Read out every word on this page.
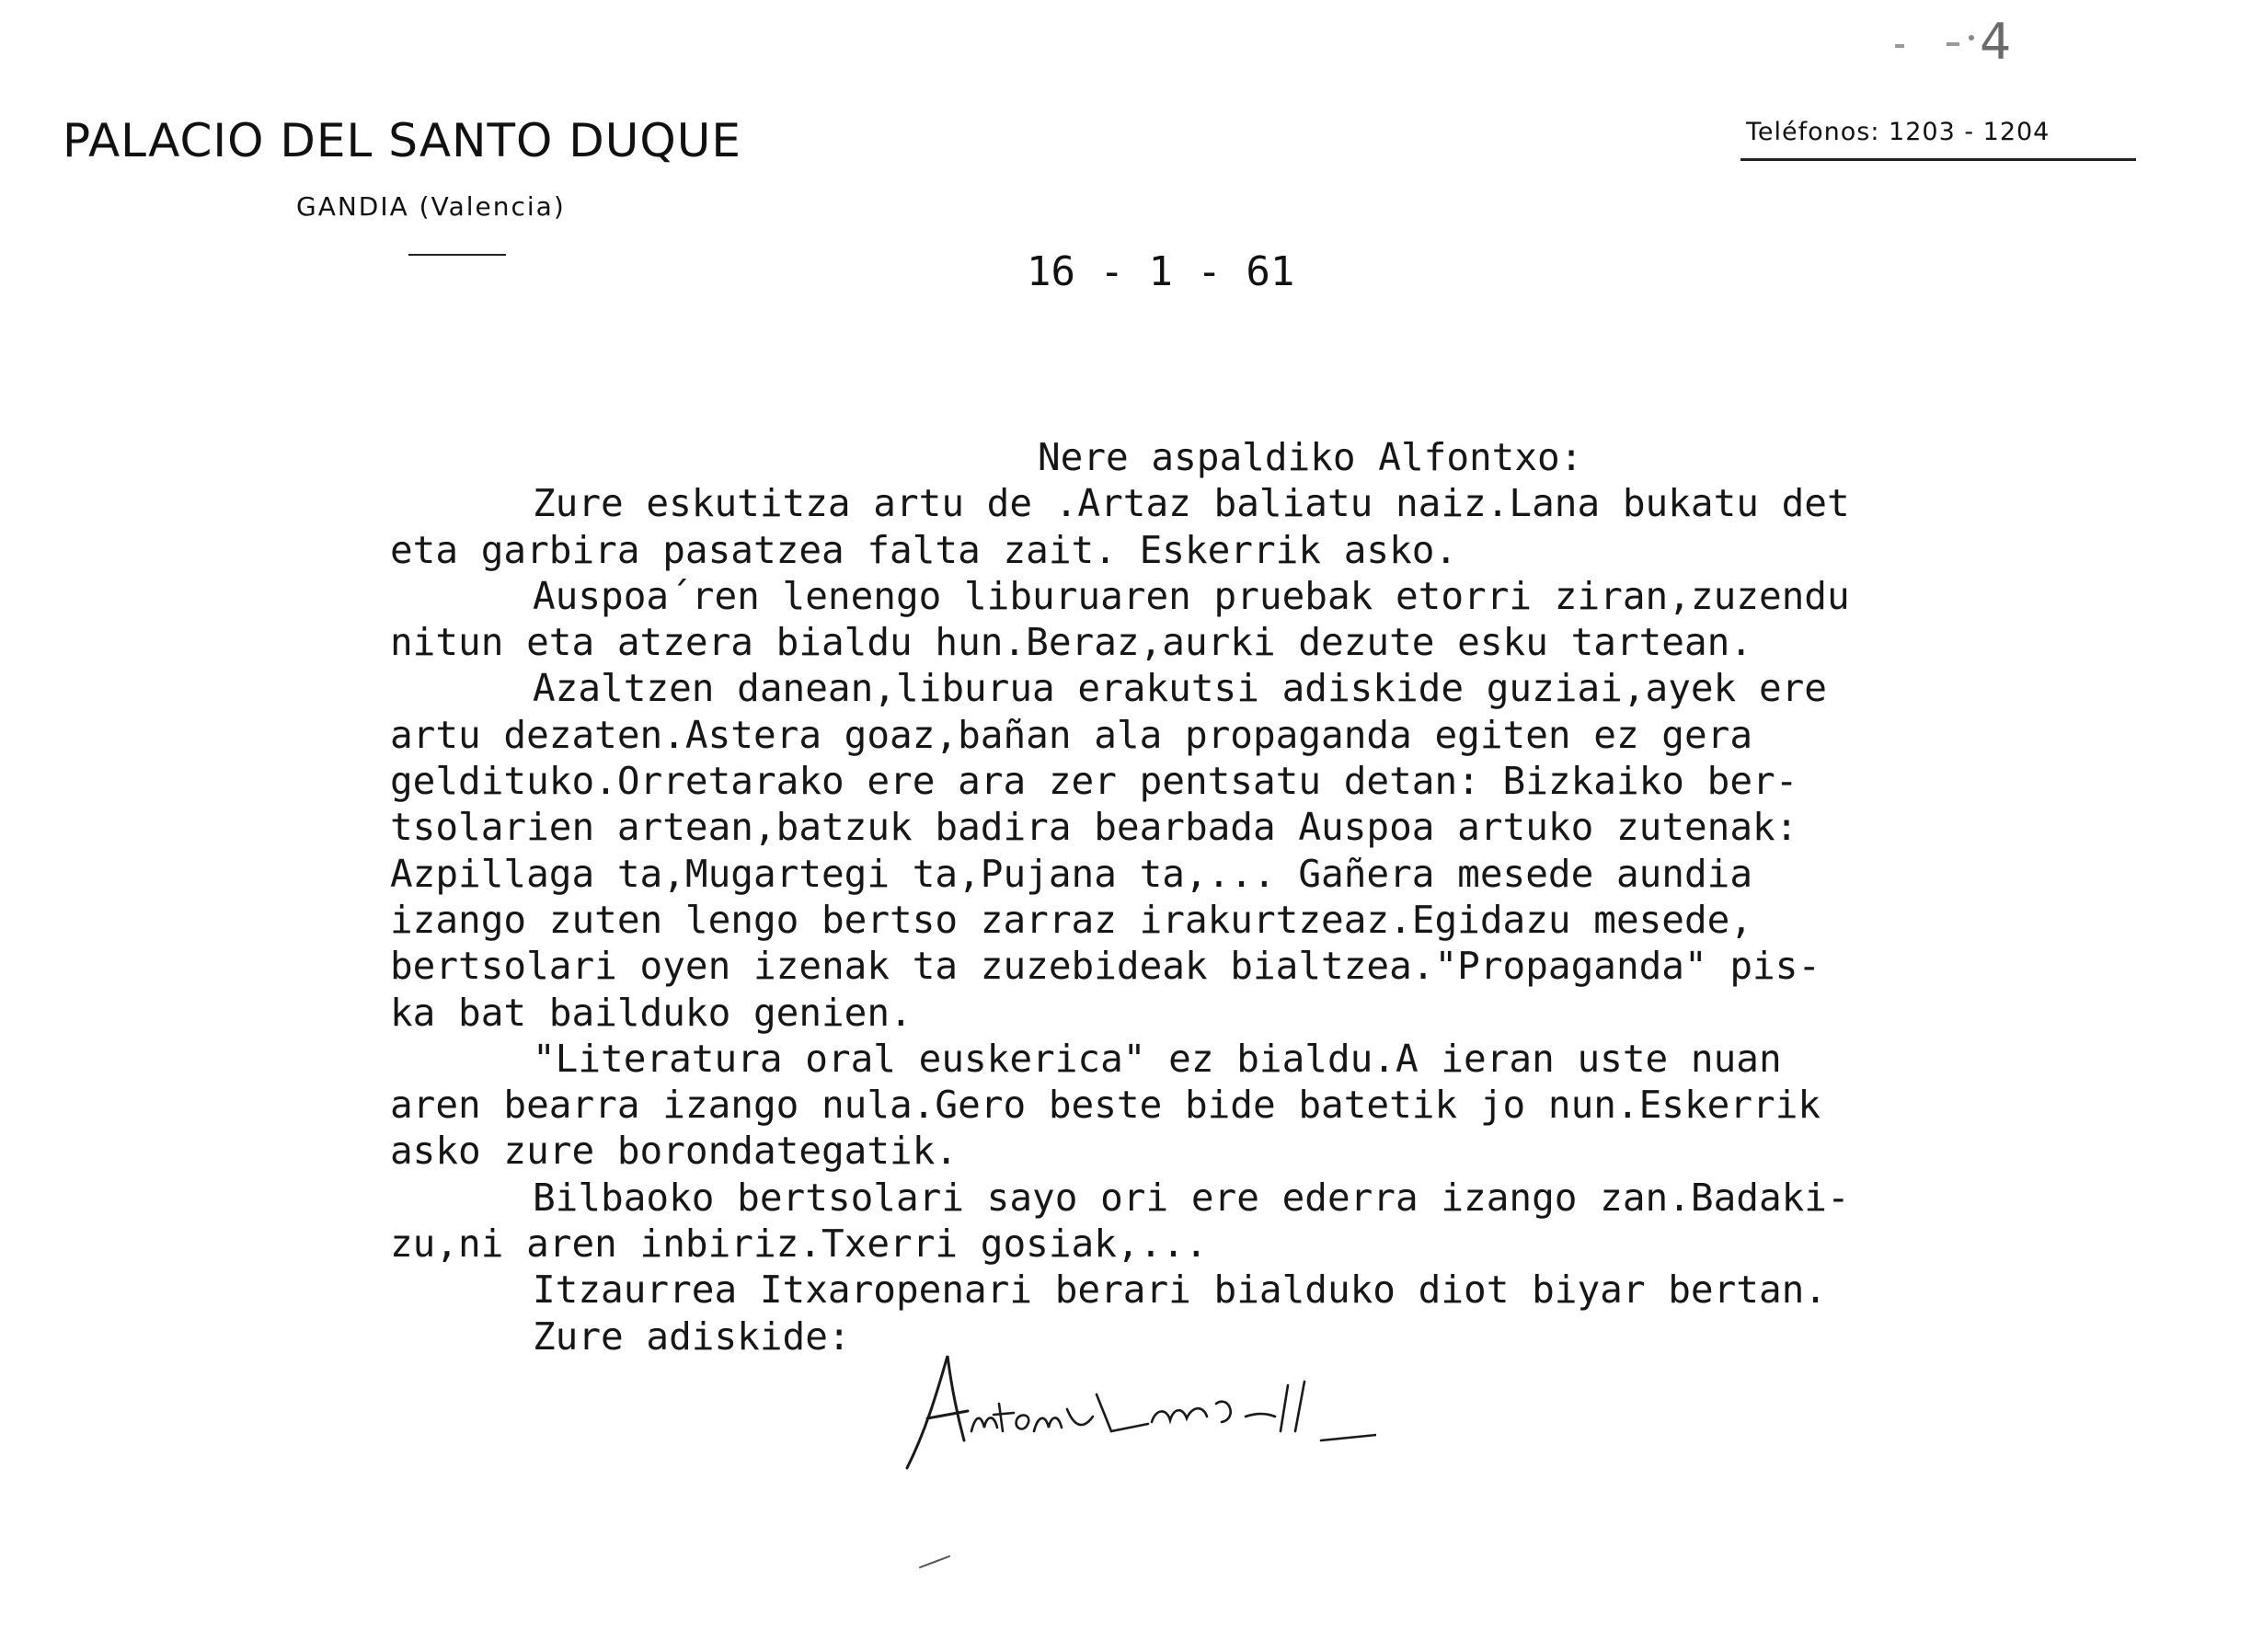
4
PALACIO DEL SANTO DUQUE
GANDIA (Valencia)
Teléfonos: 1203 - 1204
16 - 1 - 61
Nere aspaldiko Alfontxo:
Zure eskutitza artu de .Artaz baliatu naiz.Lana bukatu det
eta garbira pasatzea falta zait. Eskerrik asko.
Auspoa´ren lenengo liburuaren pruebak etorri ziran,zuzendu
nitun eta atzera bialdu hun.Beraz,aurki dezute esku tartean.
Azaltzen danean,liburua erakutsi adiskide guziai,ayek ere
artu dezaten.Astera goaz,bañan ala propaganda egiten ez gera
geldituko.Orretarako ere ara zer pentsatu detan: Bizkaiko ber-
tsolarien artean,batzuk badira bearbada Auspoa artuko zutenak:
Azpillaga ta,Mugartegi ta,Pujana ta,... Gañera mesede aundia
izango zuten lengo bertso zarraz irakurtzeaz.Egidazu mesede,
bertsolari oyen izenak ta zuzebideak bialtzea."Propaganda" pis-
ka bat bailduko genien.
"Literatura oral euskerica" ez bialdu.A ieran uste nuan
aren bearra izango nula.Gero beste bide batetik jo nun.Eskerrik
asko zure borondategatik.
Bilbaoko bertsolari sayo ori ere ederra izango zan.Badaki-
zu,ni aren inbiriz.Txerri gosiak,...
Itzaurrea Itxaropenari berari bialduko diot biyar bertan.
Zure adiskide:
